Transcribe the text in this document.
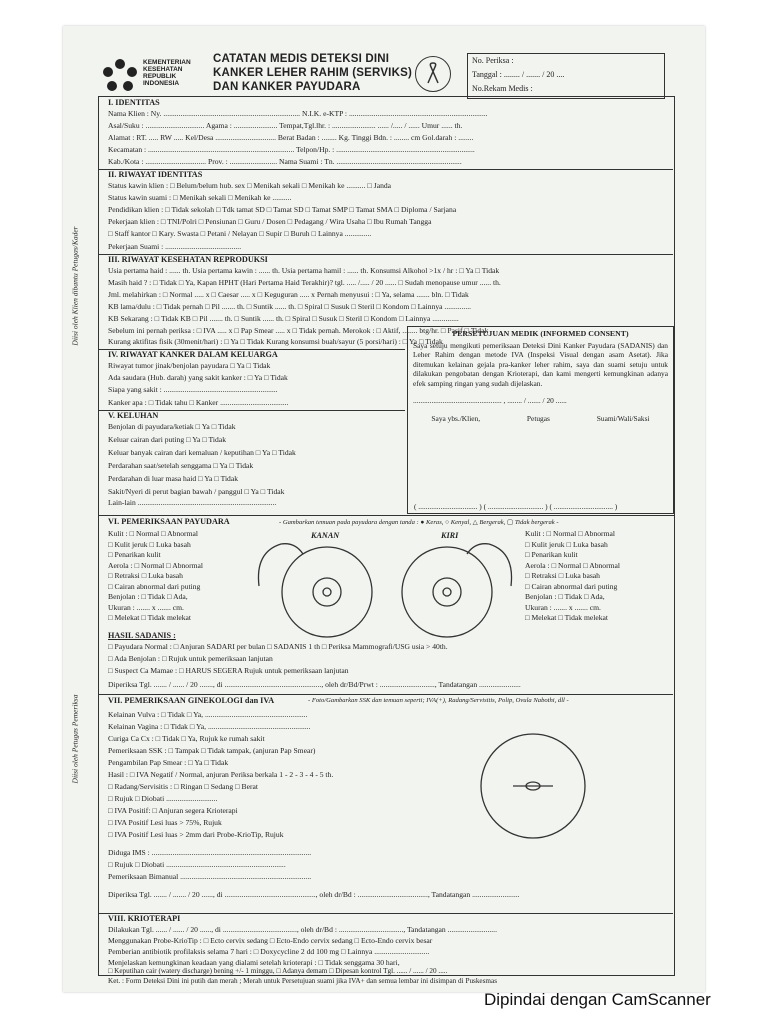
KEMENTERIAN
KESEHATAN
REPUBLIK
INDONESIA
CATATAN MEDIS DETEKSI DINI
KANKER LEHER RAHIM (SERVIKS)
DAN KANKER PAYUDARA
No. Periksa :
Tanggal : ........ / ....... / 20 ....
No.Rekam Medis :
Diisi oleh Klien dibantu Petugas/Kader
I. IDENTITAS
Nama Klien : Ny. ........................................................................ N.I.K. e-KTP : .........................................................................
Asal/Suku : ............................... Agama : ....................... Tempat,Tgl.lhr. : ....................... ...... /..... / ...... Umur ...... th.
Alamat : RT. ..... RW ..... Kel/Desa ................................ Berat Badan : ........ Kg. Tinggi Bdn. : ........ cm Gol.darah : ........
Kecamatan : ............................................................................. Telpon/Hp. : .........................................................................
Kab./Kota : ................................ Prov. : ......................... Nama Suami : Tn. ..................................................................
II. RIWAYAT IDENTITAS
Status kawin klien : □ Belum/belum hub. sex □ Menikah sekali □ Menikah ke .......... □ Janda
Status kawin suami : □ Menikah sekali □ Menikah ke ..........
Pendidikan klien : □ Tidak sekolah □ Tdk tamat SD □ Tamat SD □ Tamat SMP □ Tamat SMA □ Diploma / Sarjana
Pekerjaan klien : □ TNI/Polri □ Pensiunan □ Guru / Dosen □ Pedagang / Wira Usaha □ Ibu Rumah Tangga
□ Staff kantor □ Kary. Swasta □ Petani / Nelayan □ Supir □ Buruh □ Lainnya ..............
Pekerjaan Suami : ........................................
III. RIWAYAT KESEHATAN REPRODUKSI
Usia pertama haid : ...... th. Usia pertama kawin : ...... th. Usia pertama hamil : ...... th. Konsumsi Alkohol >1x / hr : □ Ya □ Tidak
Masih haid ? : □ Tidak □ Ya, Kapan HPHT (Hari Pertama Haid Terakhir)? tgl. ..... /..... / 20 ...... □ Sudah menopause umur ...... th.
Jml. melahirkan : □ Normal ..... x □ Caesar ..... x □ Keguguran ..... x Pernah menyusui : □ Ya, selama ....... bln. □ Tidak
KB lama/dulu : □ Tidak pernah □ Pil ....... th. □ Suntik ...... th. □ Spiral □ Susuk □ Steril □ Kondom □ Lainnya ..............
KB Sekarang : □ Tidak KB □ Pil ....... th. □ Suntik ...... th. □ Spiral □ Susuk □ Steril □ Kondom □ Lainnya ..............
Sebelum ini pernah periksa : □ IVA ..... x □ Pap Smear ..... x □ Tidak pernah. Merokok : □ Aktif, ........ btg/hr. □ Pasif □ Tidak
Kurang aktifitas fisik (30menit/hari) : □ Ya □ Tidak Kurang konsumsi buah/sayur (5 porsi/hari) : □ Ya □ Tidak
IV. RIWAYAT KANKER DALAM KELUARGA
Riwayat tumor jinak/benjolan payudara □ Ya □ Tidak
Ada saudara (Hub. darah) yang sakit kanker : □ Ya □ Tidak
Siapa yang sakit : ............................................................
Kanker apa : □ Tidak tahu □ Kanker ....................................
V. KELUHAN
Benjolan di payudara/ketiak □ Ya □ Tidak
Keluar cairan dari puting □ Ya □ Tidak
Keluar banyak cairan dari kemaluan / keputihan □ Ya □ Tidak
Perdarahan saat/setelah senggama □ Ya □ Tidak
Perdarahan di luar masa haid □ Ya □ Tidak
Sakit/Nyeri di perut bagian bawah / panggul □ Ya □ Tidak
Lain-lain .........................................................................
PERSETUJUAN MEDIK (INFORMED CONSENT)
Saya setuju mengikuti pemeriksaan Deteksi Dini Kanker Payudara (SADANIS) dan Leher Rahim dengan metode IVA (Inspeksi Visual dengan asam Asetat). Jika ditemukan kelainan gejala pra-kanker leher rahim, saya dan suami setuju untuk dilakukan pengobatan dengan Krioterapi, dan kami mengerti kemungkinan adanya efek samping ringan yang sudah dijelaskan.
................................................ , ........ / ....... / 20 ......
Saya ybs./Klien,	Petugas	Suami/Wali/Saksi
( ................................ ) ( .............................. ) ( ................................ )
Diisi oleh Petugas Pemeriksa
VI. PEMERIKSAAN PAYUDARA	- Gambarkan temuan pada payudara dengan tanda : ● Keras, ○ Kenyal, △ Bergerak, ▢ Tidak bergerak -
Kulit : □ Normal □ Abnormal
□ Kulit jeruk □ Luka basah
□ Penarikan kulit
Aerola : □ Normal □ Abnormal
□ Retraksi □ Luka basah
□ Cairan abnormal dari puting
Benjolan : □ Tidak □ Ada,
Ukuran : ....... x ....... cm.
□ Melekat □ Tidak melekat
KANAN	KIRI	Kulit : □ Normal □ Abnormal
□ Kulit jeruk □ Luka basah
□ Penarikan kulit
Aerola : □ Normal □ Abnormal
□ Retraksi □ Luka basah
□ Cairan abnormal dari puting
Benjolan : □ Tidak □ Ada,
Ukuran : ....... x ....... cm.
□ Melekat □ Tidak melekat
HASIL SADANIS :
□ Payudara Normal : □ Anjuran SADARI per bulan □ SADANIS 1 th □ Periksa Mammografi/USG usia > 40th.
□ Ada Benjolan : □ Rujuk untuk pemeriksaan lanjutan
□ Suspect Ca Mamae : □ HARUS SEGERA Rujuk untuk pemeriksaan lanjutan
Diperiksa Tgl. ....... / ...... / 20 ......., di ..................................................., oleh dr/Bd/Prwt : ............................., Tandatangan ......................
VII. PEMERIKSAAN GINEKOLOGI dan IVA	- Foto/Gambarkan SSK dan temuan seperti; IVA(+), Radang/Servisitis, Polip, Ovula Nabothi, dll -
Kelainan Vulva : □ Tidak □ Ya, ......................................................
Kelainan Vagina : □ Tidak □ Ya, ......................................................
Curiga Ca Cx : □ Tidak □ Ya, Rujuk ke rumah sakit
Pemeriksaan SSK : □ Tampak □ Tidak tampak, (anjuran Pap Smear)
Pengambilan Pap Smear : □ Ya □ Tidak
Hasil : □ IVA Negatif / Normal, anjuran Periksa berkala 1 - 2 - 3 - 4 - 5 th.
□ Radang/Servisitis : □ Ringan □ Sedang □ Berat
□ Rujuk □ Diobati ...........................
□ IVA Positif: □ Anjuran segera Krioterapi
□ IVA Positif Lesi luas > 75%, Rujuk
□ IVA Positif Lesi luas > 2mm dari Probe-KrioTip, Rujuk
Diduga IMS : ....................................................................................
□ Rujuk □ Diobati ...............................................................
Pemeriksaan Bimanual .....................................................................
Diperiksa Tgl. ....... / ....... / 20 ......, di ................................................, oleh dr/Bd : ....................................., Tandatangan .........................
VIII. KRIOTERAPI
Dilakukan Tgl. ...... / ...... / 20 ......, di ......................................., oleh dr/Bd : .................................., Tandatangan ..........................
Menggunakan Probe-KrioTip : □ Ecto cervix sedang □ Ecto-Endo cervix sedang □ Ecto-Endo cervix besar
Pemberian antibiotik profilaksis selama 7 hari : □ Doxycycline 2 dd 100 mg □ Lainnya .............................
Menjelaskan kemungkinan keadaan yang dialami setelah krioterapi : □ Tidak senggama 30 hari,
□ Keputihan cair (watery discharge) bening +/- 1 minggu, □ Adanya demam □ Dipesan kontrol Tgl. ...... / ...... / 20 .....
Ket. : Form Deteksi Dini ini putih dan merah ; Merah untuk Persetujuan suami jika IVA+ dan semua lembar ini disimpan di Puskesmas
Dipindai dengan CamScanner
